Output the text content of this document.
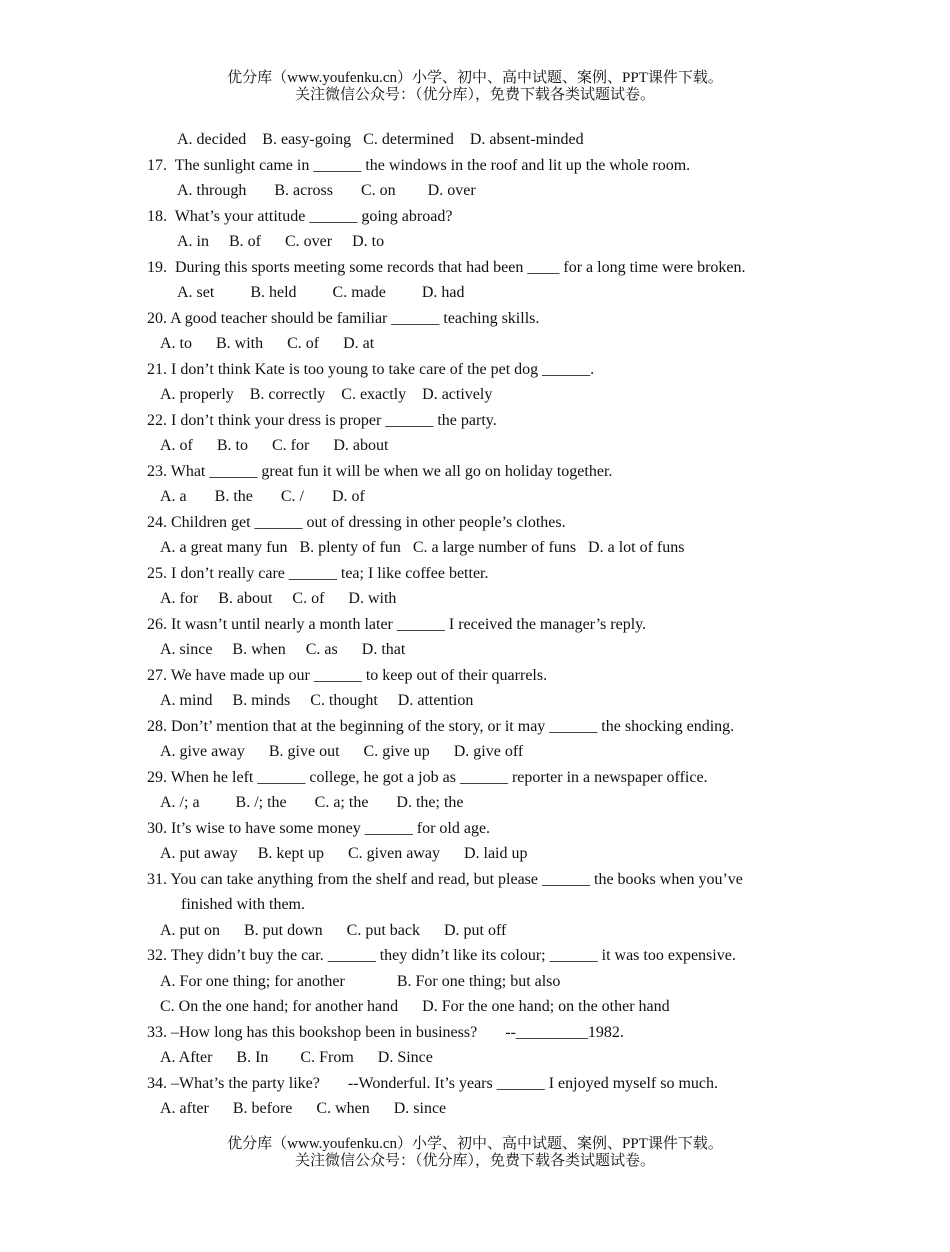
优分库（www.youfenku.cn）小学、初中、高中试题、案例、PPT课件下载。
关注微信公众号：（优分库），免费下载各类试题试卷。
A. decided    B. easy-going   C. determined    D. absent-minded
17.  The sunlight came in ______ the windows in the roof and lit up the whole room.
A. through       B. across       C. on        D. over
18.  What’s your attitude ______ going abroad?
A. in     B. of      C. over     D. to
19.  During this sports meeting some records that had been ____ for a long time were broken.
A. set         B. held         C. made         D. had
20. A good teacher should be familiar ______ teaching skills.
A. to      B. with      C. of      D. at
21. I don’t think Kate is too young to take care of the pet dog ______.
A. properly    B. correctly    C. exactly    D. actively
22. I don’t think your dress is proper ______ the party.
A. of      B. to      C. for      D. about
23. What ______ great fun it will be when we all go on holiday together.
A. a       B. the       C. /       D. of
24. Children get ______ out of dressing in other people’s clothes.
A. a great many fun   B. plenty of fun   C. a large number of funs   D. a lot of funs
25. I don’t really care ______ tea; I like coffee better.
A. for     B. about     C. of      D. with
26. It wasn’t until nearly a month later ______ I received the manager’s reply.
A. since     B. when     C. as      D. that
27. We have made up our ______ to keep out of their quarrels.
A. mind     B. minds     C. thought     D. attention
28. Don’t’ mention that at the beginning of the story, or it may ______ the shocking ending.
A. give away      B. give out      C. give up      D. give off
29. When he left ______ college, he got a job as ______ reporter in a newspaper office.
A. /; a         B. /; the       C. a; the       D. the; the
30. It’s wise to have some money ______ for old age.
A. put away     B. kept up      C. given away      D. laid up
31. You can take anything from the shelf and read, but please ______ the books when you’ve
finished with them.
A. put on      B. put down      C. put back      D. put off
32. They didn’t buy the car. ______ they didn’t like its colour; ______ it was too expensive.
A. For one thing; for another             B. For one thing; but also
C. On the one hand; for another hand      D. For the one hand; on the other hand
33. –How long has this bookshop been in business?       --_________1982.
A. After      B. In        C. From      D. Since
34. –What’s the party like?       --Wonderful. It’s years ______ I enjoyed myself so much.
A. after      B. before      C. when      D. since
优分库（www.youfenku.cn）小学、初中、高中试题、案例、PPT课件下载。
关注微信公众号：（优分库），免费下载各类试题试卷。
